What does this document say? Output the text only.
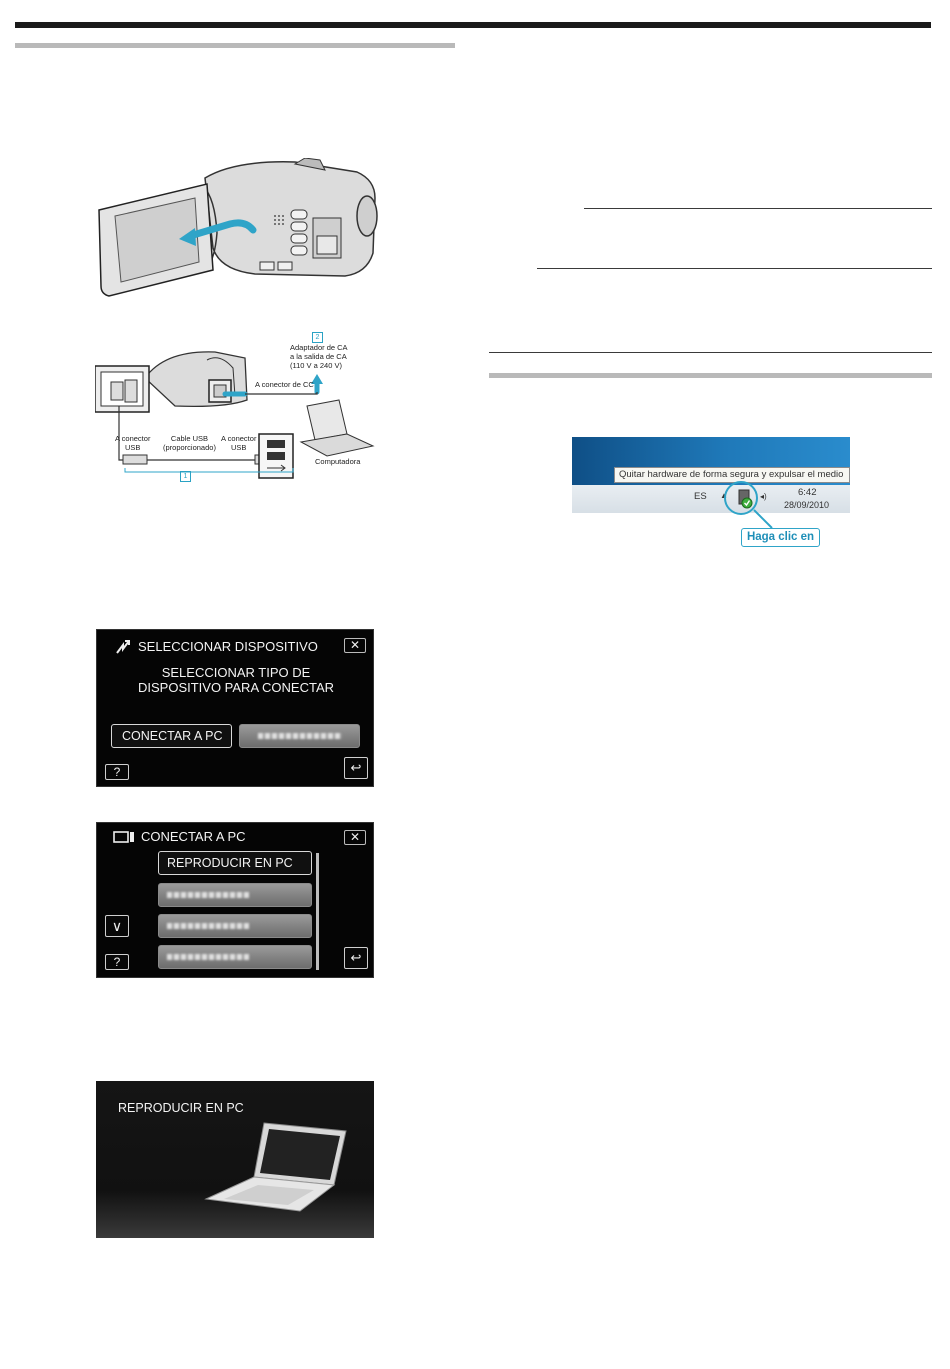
2
Adaptador de CA
a la salida de CA
(110 V a 240 V)
A conector de CC
A conector
USB
Cable USB
(proporcionado)
A conector
USB
Computadora
1
SELECCIONAR DISPOSITIVO	✕
SELECCIONAR TIPO DE
DISPOSITIVO PARA CONECTAR
CONECTAR A PC
?	↩
CONECTAR A PC	✕
REPRODUCIR EN PC
∨
?	↩
REPRODUCIR EN PC
Quitar hardware de forma segura y expulsar el medio
ES ▲	◂)	6:42
28/09/2010
Haga clic en
